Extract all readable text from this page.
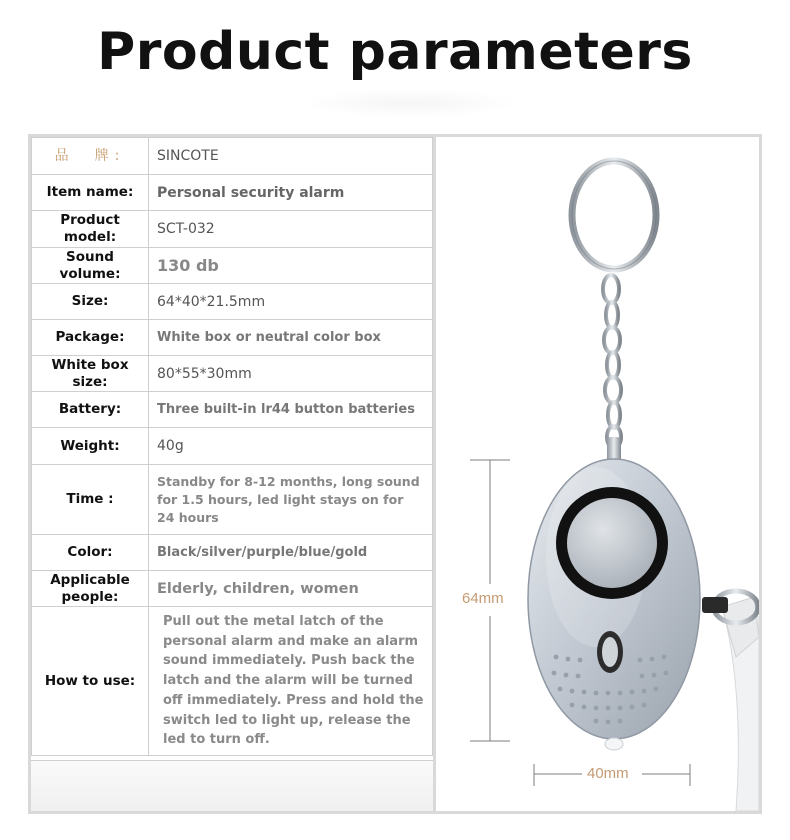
Product parameters
品　牌:	SINCOTE
Item name:	Personal security alarm
Product model:	SCT-032
Sound volume:	130 db
Size:	64*40*21.5mm
Package:	White box or neutral color box
White box size:	80*55*30mm
Battery:	Three built-in lr44 button batteries
Weight:	40g
Time :	Standby for 8-12 months, long sound for 1.5 hours, led light stays on for 24 hours
Color:	Black/silver/purple/blue/gold
Applicable people:	Elderly, children, women
How to use:	Pull out the metal latch of the personal alarm and make an alarm sound immediately. Push back the latch and the alarm will be turned off immediately. Press and hold the switch led to light up, release the led to turn off.
64mm
40mm
